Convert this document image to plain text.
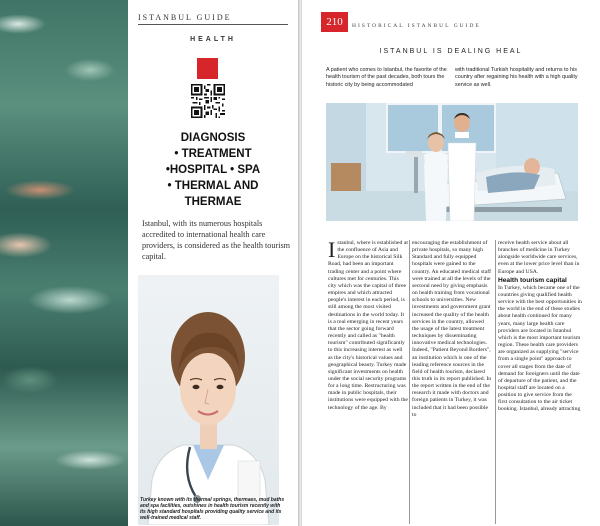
ISTANBUL GUIDE
HEALTH
DIAGNOSIS
• TREATMENT
•HOSPITAL • SPA
• THERMAL AND
THERMAE
Istanbul, with its numerous hospitals accredited to international health care providers, is considered as the health tourism capital.
Turkey known with its thermal springs, thermaes, mud baths and spa facilities, outshines in health tourism recently with its high standard hospitals providing quality service and its well-trained medical staff.
210	HISTORICAL ISTANBUL GUIDE
ISTANBUL IS DEALING HEAL
A patient who comes to Istanbul, the favorite of the health tourism of the past decades, both tours the historic city by being accommodated
with traditional Turkish hospitality and returns to his country after regaining his health with a high quality service as well.
Istanbul, where is established at the confluence of Asia and Europe on the historical Silk Road, had been an important trading center and a point where cultures met for centuries. This city which was the capital of three empires and which attracted people's interest in each period, is still among the most visited destinations in the world today. It is a real emerging in recent years that the sector going forward recently and called as "health tourism" contributed significantly to this increasing interest as well as the city's historical values and geographical beauty. Turkey made significant investments on health under the social security programs for a long time. Restructuring was made in public hospitals, their institutions were equipped with the technology of the age. By

encouraging the establishment of private hospitals, so many high Standard and fully equipped hospitals were gained to the country. An educated medical staff were trained at all the levels of the sectoral need by giving emphasis on health training from vocational schools to universities. New investments and government grant increased the quality of the health services in the country, allowed the usage of the latest treatment techniques by disseminating innovative medical technologies. Indeed, "Patient Beyond Borders", an institution which is one of the leading reference sources in the field of health tourism, declared this truth in its report published. In the report written in the end of the research it made with doctors and foreign patients in Turkey, it was included that it had been possible to

receive health service about all branches of medicine in Turkey alongside worldwide care services, even at the lower price level than in Europe and USA.

Health tourism capital

In Turkey, which became one of the countries giving qualified health service with the best opportunities in the world in the end of these studies about health continued for many years, many large health care providers are located in Istanbul which is the most important tourism region. These health care providers are organized as supplying "service from a single point" approach to cover all stages from the date of demand for foreigners until the date of departure of the patient, and the hospital staff are located on a position to give service from the first consultation to the air ticket booking. Istanbul, already attracting
